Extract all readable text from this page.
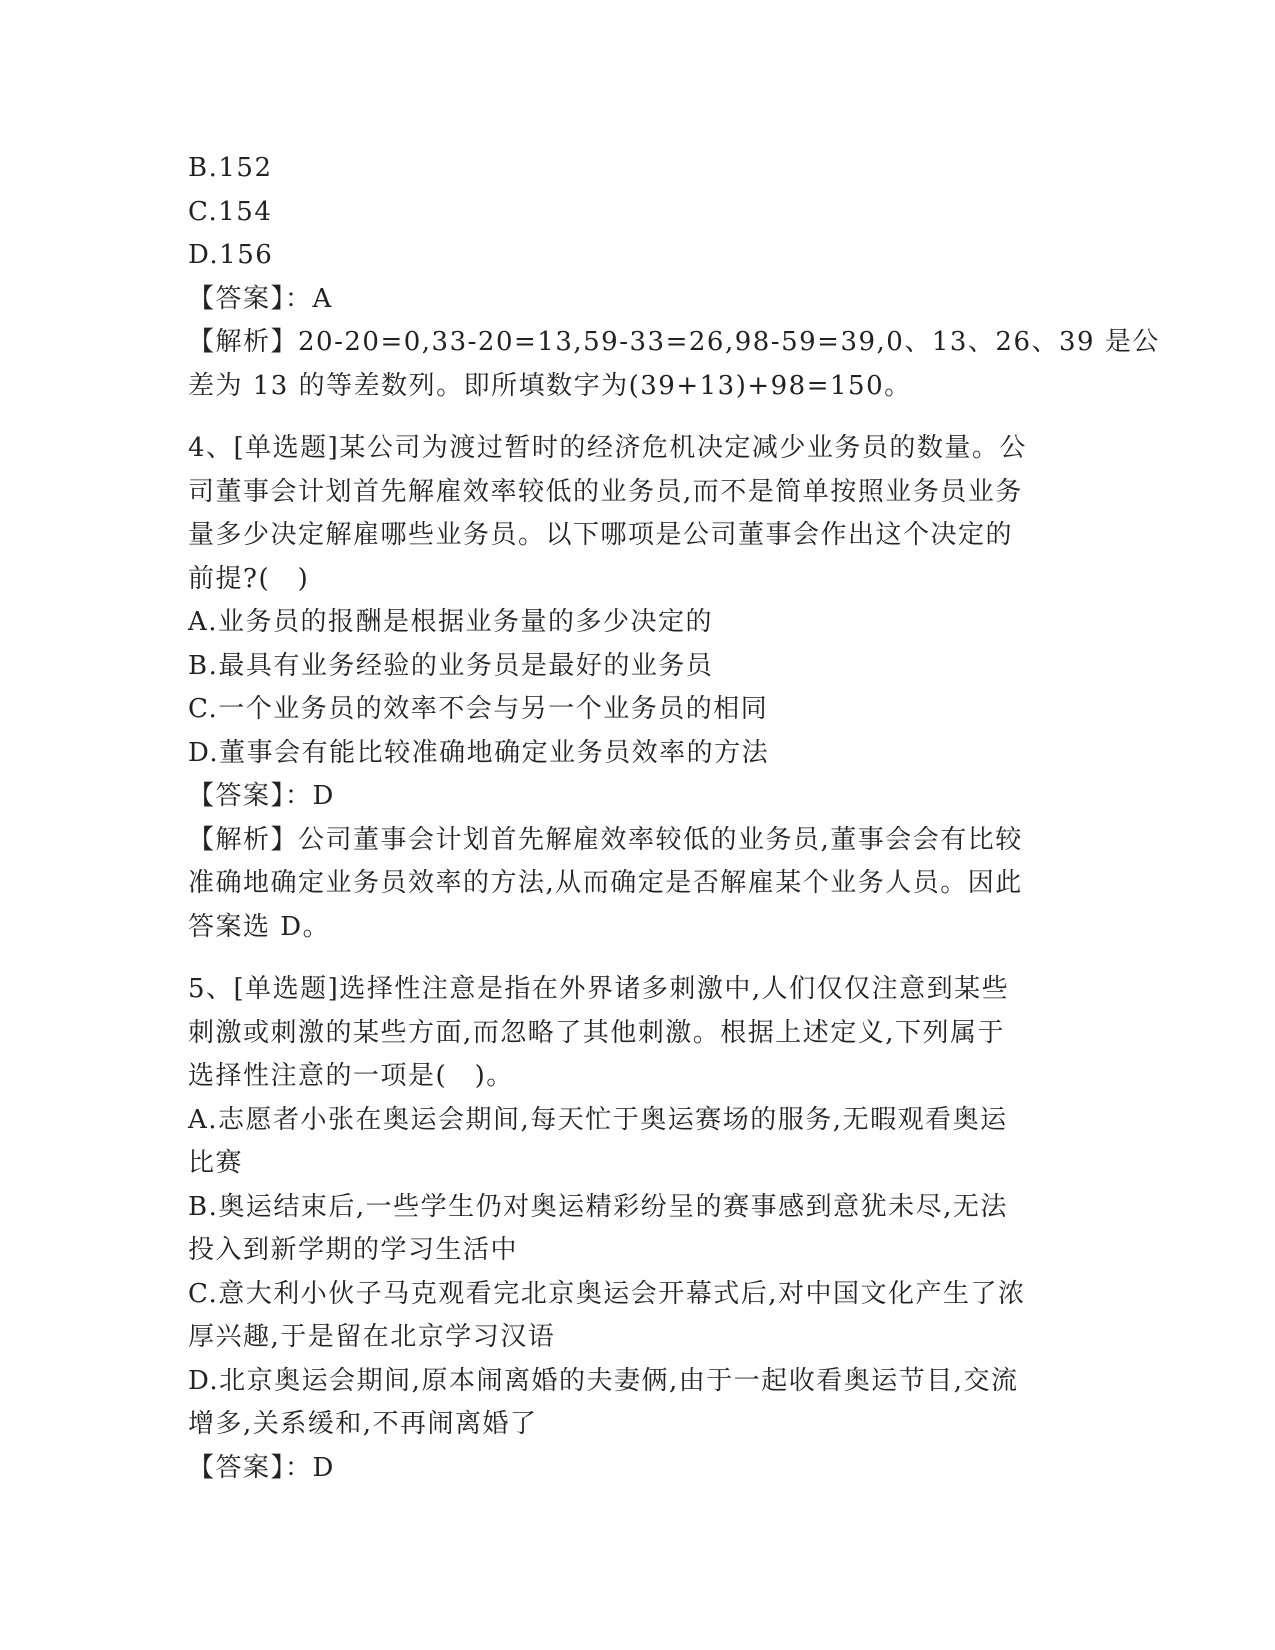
B.152
C.154
D.156
【答案】：A
【解析】20-20=0,33-20=13,59-33=26,98-59=39,0、13、26、39 是公
差为 13 的等差数列。即所填数字为(39+13)+98=150。
4、[单选题]某公司为渡过暂时的经济危机决定减少业务员的数量。公
司董事会计划首先解雇效率较低的业务员,而不是简单按照业务员业务
量多少决定解雇哪些业务员。以下哪项是公司董事会作出这个决定的
前提?(　)
A.业务员的报酬是根据业务量的多少决定的
B.最具有业务经验的业务员是最好的业务员
C.一个业务员的效率不会与另一个业务员的相同
D.董事会有能比较准确地确定业务员效率的方法
【答案】：D
【解析】公司董事会计划首先解雇效率较低的业务员,董事会会有比较
准确地确定业务员效率的方法,从而确定是否解雇某个业务人员。因此
答案选 D。
5、[单选题]选择性注意是指在外界诸多刺激中,人们仅仅注意到某些
刺激或刺激的某些方面,而忽略了其他刺激。根据上述定义,下列属于
选择性注意的一项是(　)。
A.志愿者小张在奥运会期间,每天忙于奥运赛场的服务,无暇观看奥运
比赛
B.奥运结束后,一些学生仍对奥运精彩纷呈的赛事感到意犹未尽,无法
投入到新学期的学习生活中
C.意大利小伙子马克观看完北京奥运会开幕式后,对中国文化产生了浓
厚兴趣,于是留在北京学习汉语
D.北京奥运会期间,原本闹离婚的夫妻俩,由于一起收看奥运节目,交流
增多,关系缓和,不再闹离婚了
【答案】：D
